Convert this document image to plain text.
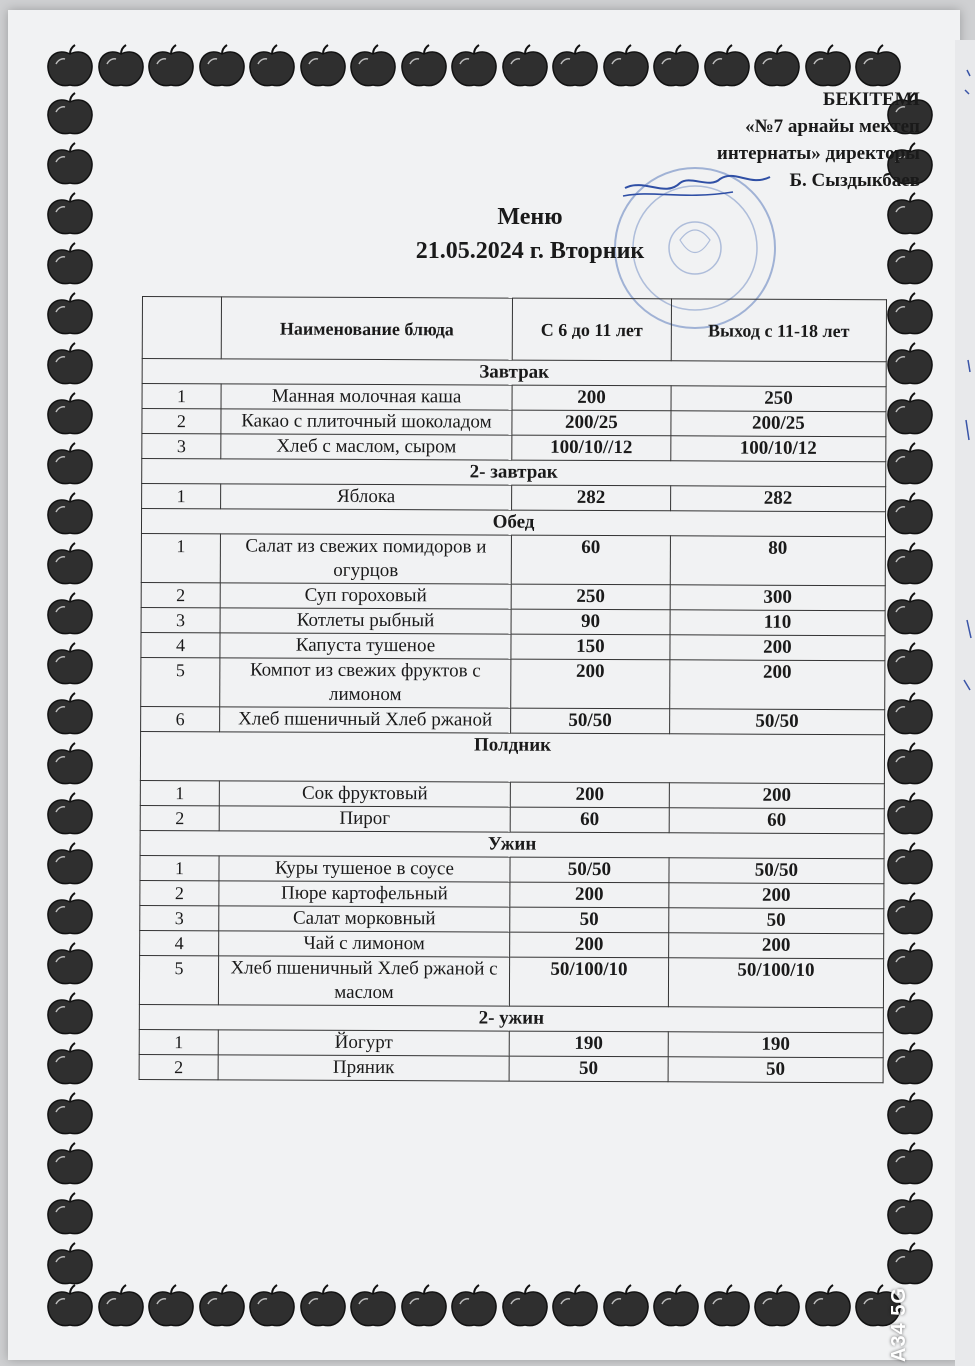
БЕКІТЕМІ
«№7 арнайы мектеп
интернаты» директоры
Б. Сыздыкбаев
Меню
21.05.2024 г. Вторник
	Наименование блюда	С 6 до 11 лет	Выход с 11-18 лет
Завтрак			
1	Манная молочная каша	200	250
2	Какао с плиточный шоколадом	200/25	200/25
3	Хлеб с маслом, сыром	100/10//12	100/10/12
2- завтрак			
1	Яблока	282	282
Обед			
1	Салат из свежих помидоров и огурцов	60	80
2	Суп гороховый	250	300
3	Котлеты рыбный	90	110
4	Капуста тушеное	150	200
5	Компот из свежих фруктов с лимоном	200	200
6	Хлеб пшеничный Хлеб ржаной	50/50	50/50
Полдник			
1	Сок фруктовый	200	200
2	Пирог	60	60
Ужин			
1	Куры тушеное в соусе	50/50	50/50
2	Пюре картофельный	200	200
3	Салат морковный	50	50
4	Чай с лимоном	200	200
5	Хлеб пшеничный Хлеб ржаной с маслом	50/100/10	50/100/10
2- ужин			
1	Йогурт	190	190
2	Пряник	50	50
A34 5G
